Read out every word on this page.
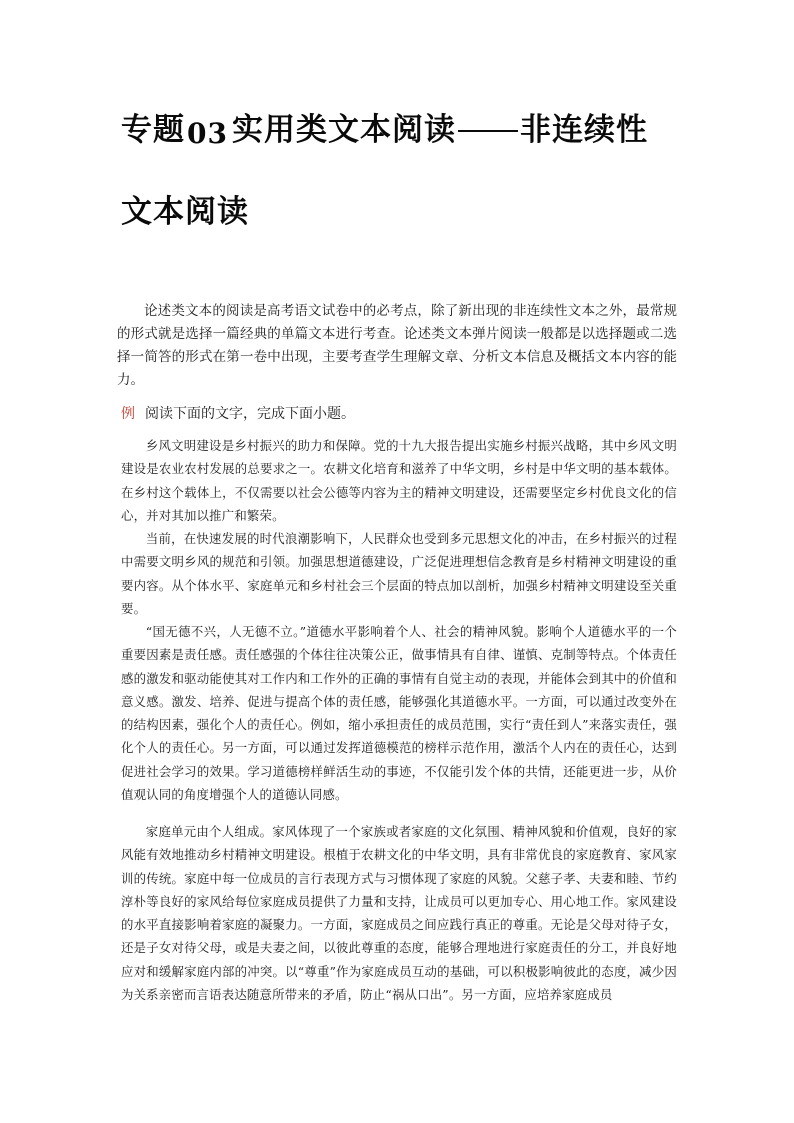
专题03 实用类文本阅读 非连续性
文本阅读

论述类文本的阅读是高考语文试卷中的必考点，除了新出现的非连续性文本之外，最常规的形式就是选择一篇经典的单篇文本进行考查。论述类文本弹片阅读一般都是以选择题或二选择一简答的形式在第一卷中出现，主要考查学生理解文章、分析文本信息及概括文本内容的能力。

例 阅读下面的文字，完成下面小题。

乡风文明建设是乡村振兴的助力和保障。党的十九大报告提出实施乡村振兴战略，其中乡风文明建设是农业农村发展的总要求之一。农耕文化培育和滋养了中华文明，乡村是中华文明的基本载体。在乡村这个载体上，不仅需要以社会公德等内容为主的精神文明建设，还需要坚定乡村优良文化的信心，并对其加以推广和繁荣。

当前，在快速发展的时代浪潮影响下，人民群众也受到多元思想文化的冲击，在乡村振兴的过程中需要文明乡风的规范和引领。加强思想道德建设，广泛促进理想信念教育是乡村精神文明建设的重要内容。从个体水平、家庭单元和乡村社会三个层面的特点加以剖析，加强乡村精神文明建设至关重要。

“国无德不兴，人无德不立。”道德水平影响着个人、社会的精神风貌。影响个人道德水平的一个重要因素是责任感。责任感强的个体往往决策公正，做事情具有自律、谨慎、克制等特点。个体责任感的激发和驱动能使其对工作内和工作外的正确的事情有自觉主动的表现，并能体会到其中的价值和意义感。激发、培养、促进与提高个体的责任感，能够强化其道德水平。一方面，可以通过改变外在的结构因素，强化个人的责任心。例如，缩小承担责任的成员范围，实行“责任到人”来落实责任，强化个人的责任心。另一方面，可以通过发挥道德模范的榜样示范作用，激活个人内在的责任心，达到促进社会学习的效果。学习道德榜样鲜活生动的事迹，不仅能引发个体的共情，还能更进一步，从价值观认同的角度增强个人的道德认同感。

家庭单元由个人组成。家风体现了一个家族或者家庭的文化氛围、精神风貌和价值观，良好的家风能有效地推动乡村精神文明建设。根植于农耕文化的中华文明，具有非常优良的家庭教育、家风家训的传统。家庭中每一位成员的言行表现方式与习惯体现了家庭的风貌。父慈子孝、夫妻和睦、节约淳朴等良好的家风给每位家庭成员提供了力量和支持，让成员可以更加专心、用心地工作。家风建设的水平直接影响着家庭的凝聚力。一方面，家庭成员之间应践行真正的尊重。无论是父母对待子女，还是子女对待父母，或是夫妻之间，以彼此尊重的态度，能够合理地进行家庭责任的分工，并良好地应对和缓解家庭内部的冲突。以“尊重”作为家庭成员互动的基础，可以积极影响彼此的态度，减少因为关系亲密而言语表达随意所带来的矛盾，防止“祸从口出”。另一方面，应培养家庭成员
